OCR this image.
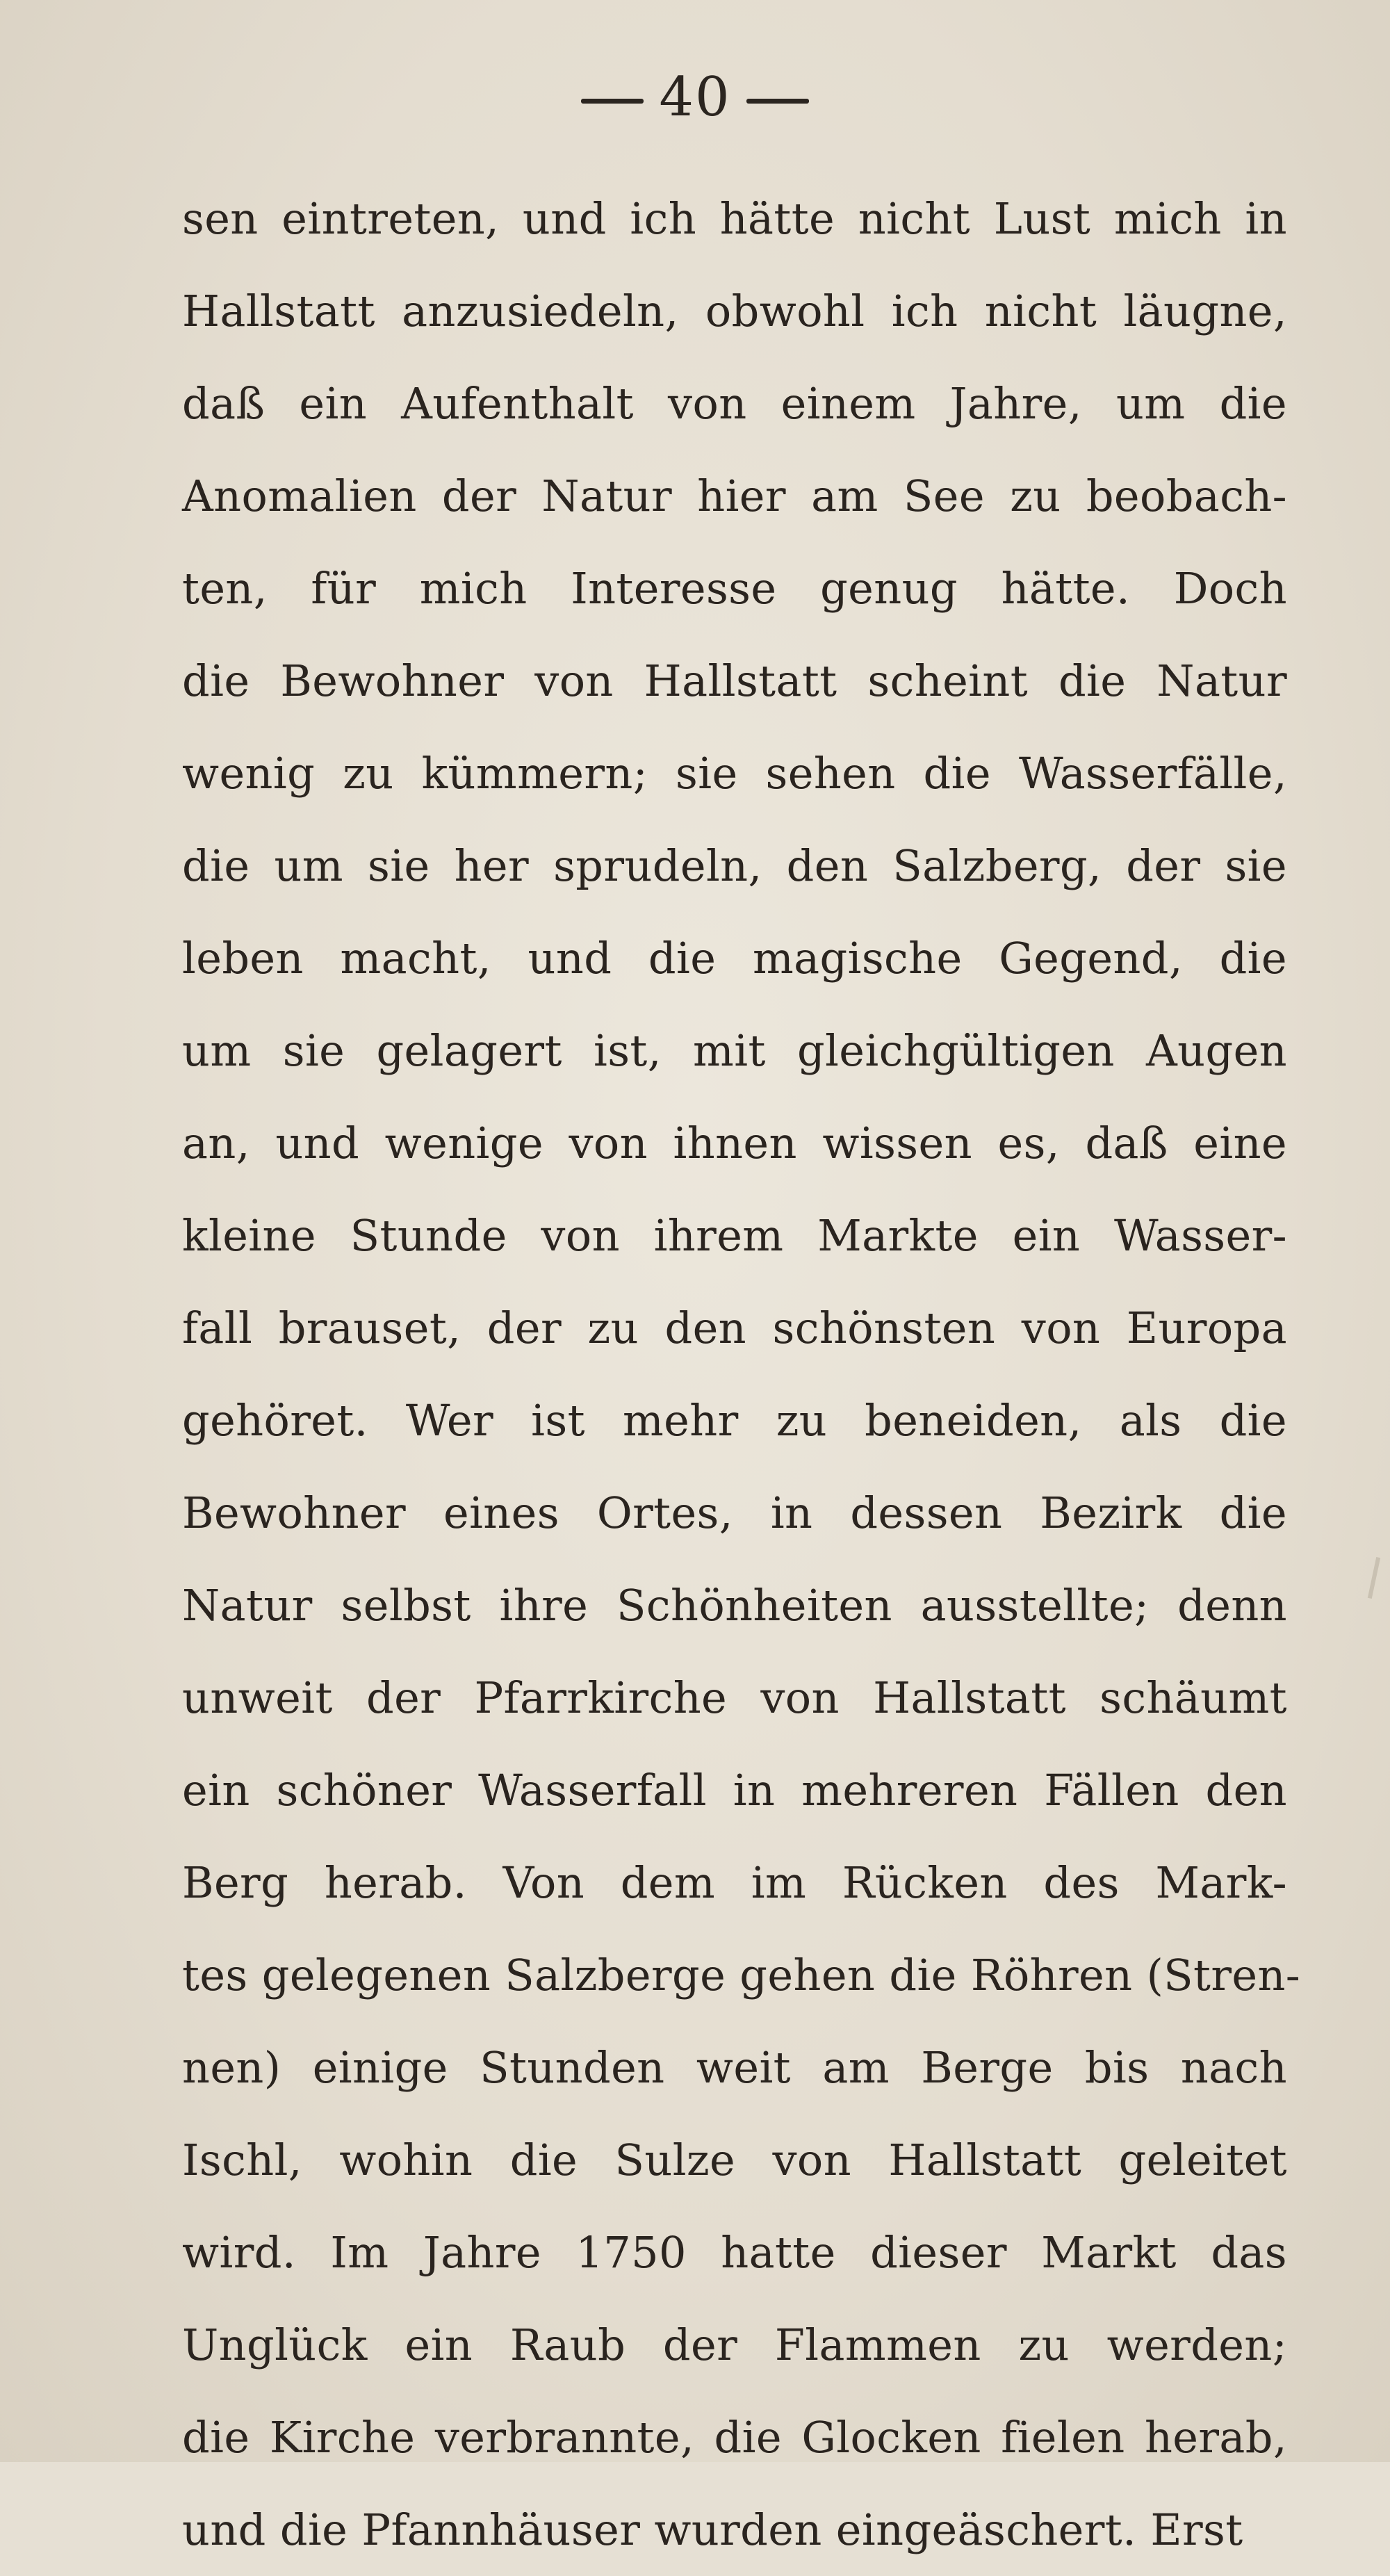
40
sen eintreten, und ich hätte nicht Lust mich in
Hallstatt anzusiedeln, obwohl ich nicht läugne,
daß ein Aufenthalt von einem Jahre, um die
Anomalien der Natur hier am See zu beobach-
ten, für mich Interesse genug hätte. Doch
die Bewohner von Hallstatt scheint die Natur
wenig zu kümmern; sie sehen die Wasserfälle,
die um sie her sprudeln, den Salzberg, der sie
leben macht, und die magische Gegend, die
um sie gelagert ist, mit gleichgültigen Augen
an, und wenige von ihnen wissen es, daß eine
kleine Stunde von ihrem Markte ein Wasser-
fall brauset, der zu den schönsten von Europa
gehöret. Wer ist mehr zu beneiden, als die
Bewohner eines Ortes, in dessen Bezirk die
Natur selbst ihre Schönheiten ausstellte; denn
unweit der Pfarrkirche von Hallstatt schäumt
ein schöner Wasserfall in mehreren Fällen den
Berg herab. Von dem im Rücken des Mark-
tes gelegenen Salzberge gehen die Röhren (Stren-
nen) einige Stunden weit am Berge bis nach
Ischl, wohin die Sulze von Hallstatt geleitet
wird. Im Jahre 1750 hatte dieser Markt das
Unglück ein Raub der Flammen zu werden;
die Kirche verbrannte, die Glocken fielen herab,
und die Pfannhäuser wurden eingeäschert. Erst
